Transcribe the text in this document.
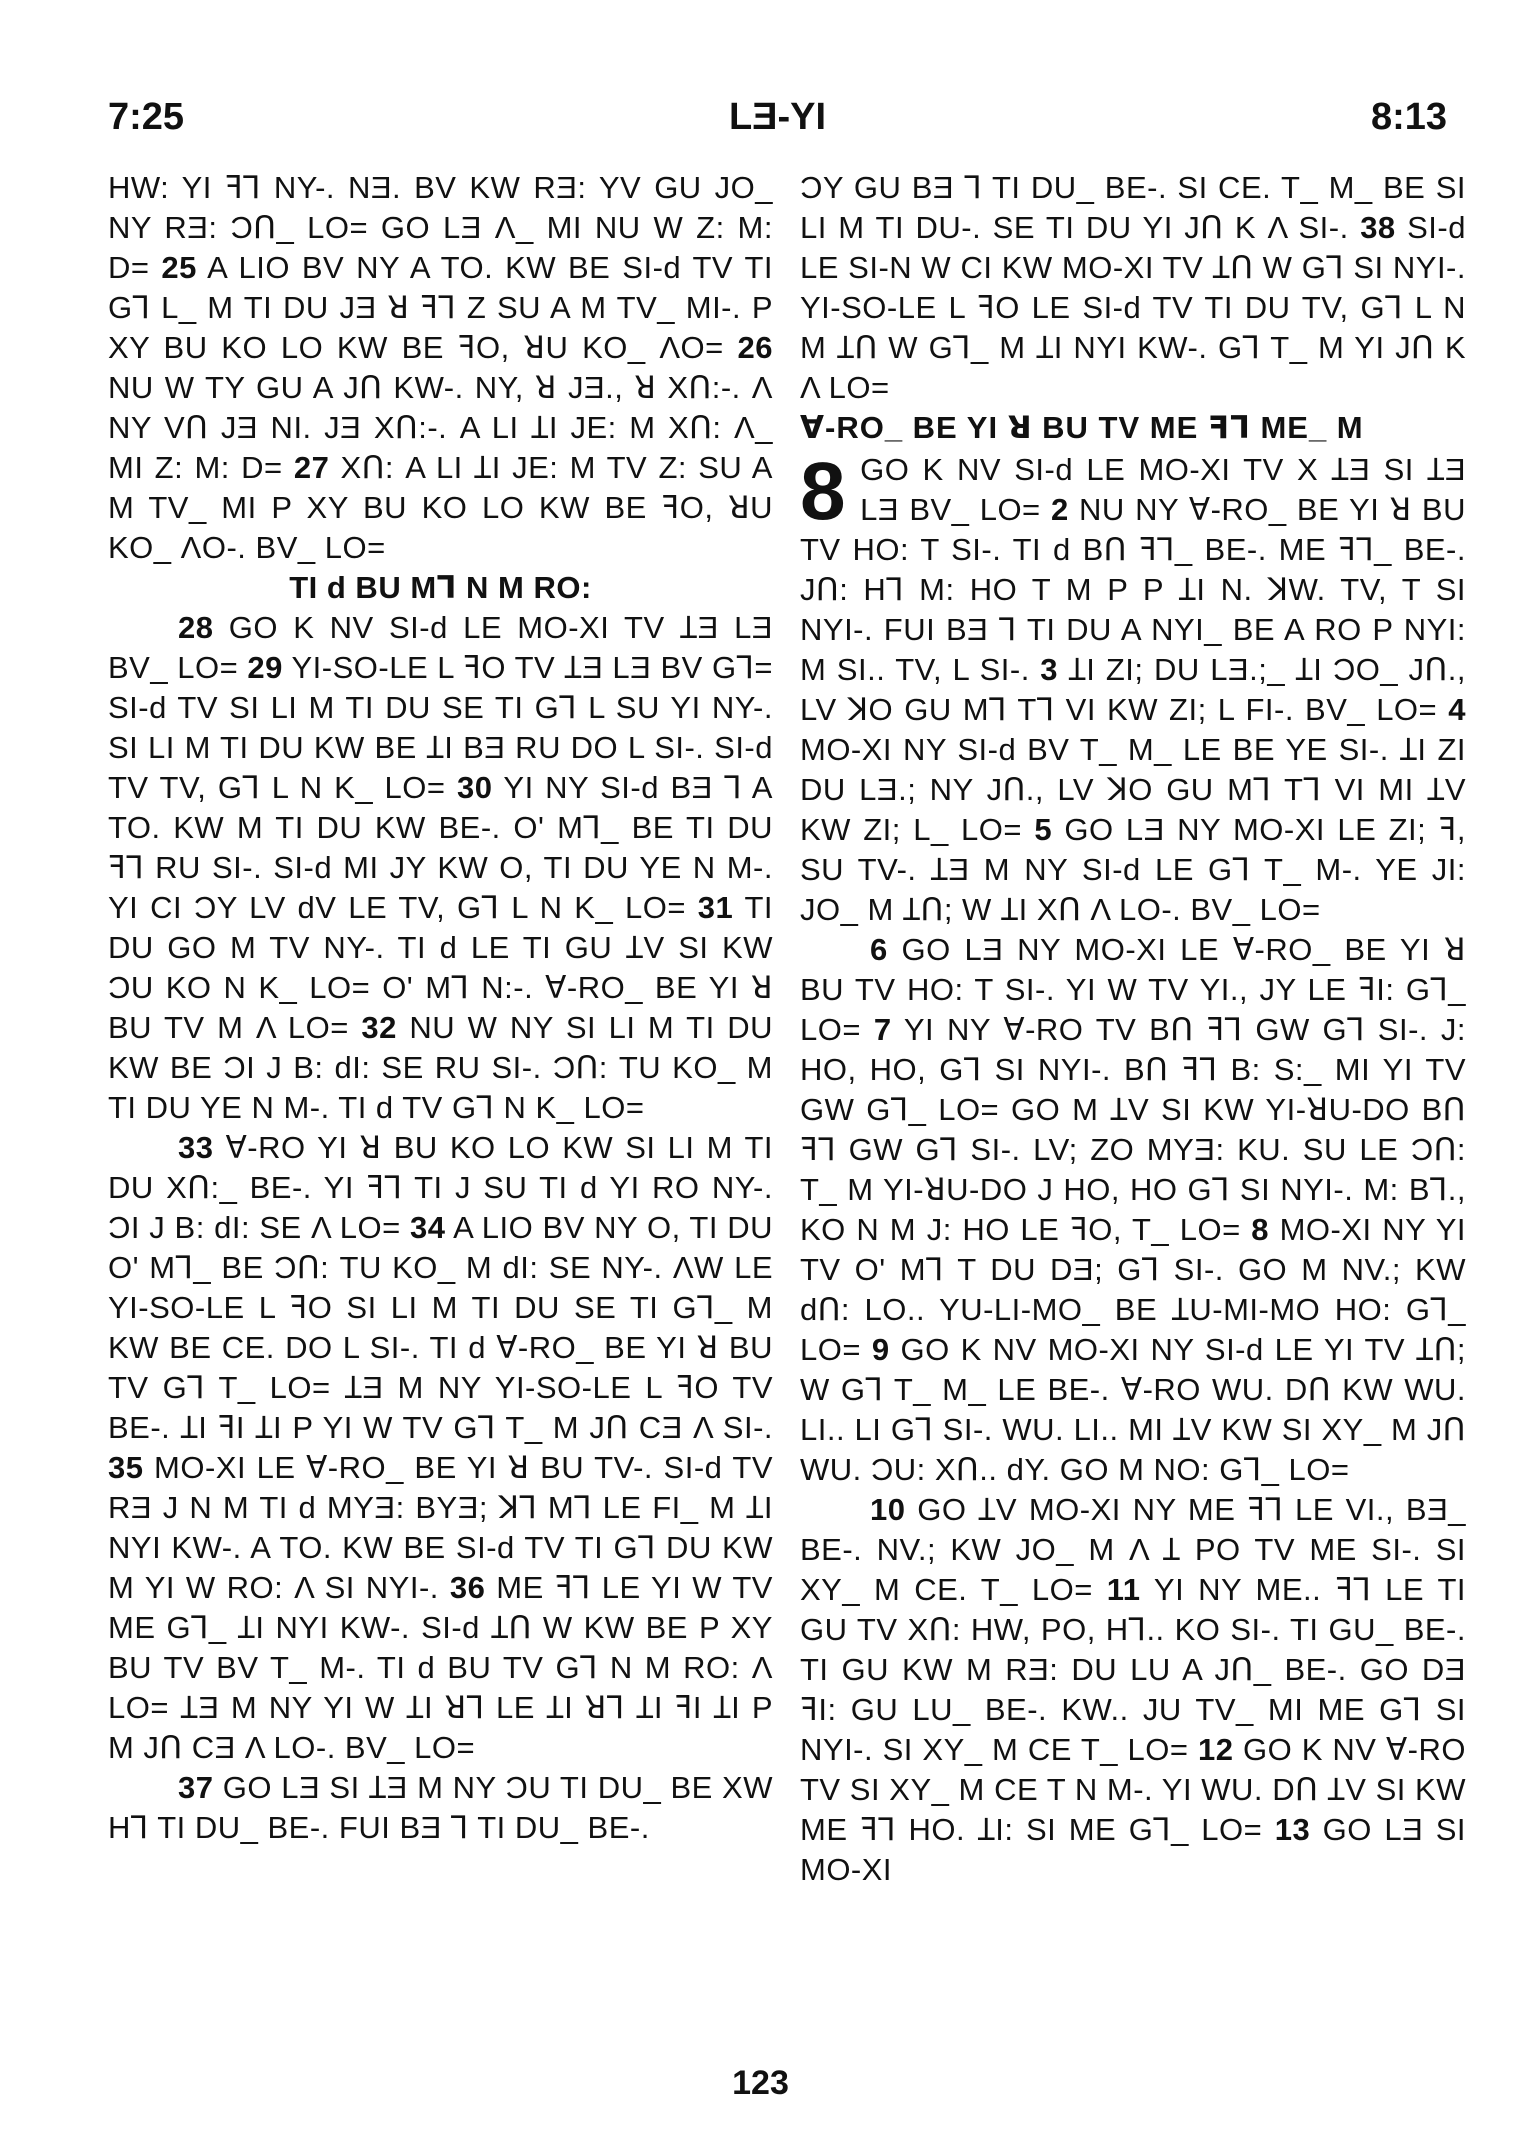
7:25	LƎ-YI	8:13

HW: YI ꟻꞀ NY-. NƎ. BV KW RƎ: YV GU JO_ NY RƎ: ƆՈ_ LO= GO LƎ Λ_ MI NU W Z: M: D= 25 A LIO BV NY A TO. KW BE SI-d TV TI GꞀ L_ M TI DU JƎ ꓤ ꟻꞀ Z SU A M TV_ MI-. P XY BU KO LO KW BE ꟻO, ꓤU KO_ ΛO= 26 NU W TY GU A JՈ KW-. NY, ꓤ JƎ., ꓤ XՈ:-. Λ NY VՈ JƎ NI. JƎ XՈ:-. A LI ꞱI JE: M XՈ: Λ_ MI Z: M: D= 27 XՈ: A LI ꞱI JE: M TV Z: SU A M TV_ MI P XY BU KO LO KW BE ꟻO, ꓤU KO_ ΛO-. BV_ LO=

TI d BU MꞀ N M RO:

28 GO K NV SI-d LE MO-XI TV ꞱƎ LƎ BV_ LO= 29 YI-SO-LE L ꟻO TV ꞱƎ LƎ BV GꞀ= SI-d TV SI LI M TI DU SE TI GꞀ L SU YI NY-. SI LI M TI DU KW BE ꞱI BƎ RU DO L SI-. SI-d TV TV, GꞀ L N K_ LO= 30 YI NY SI-d BƎ Ꞁ A TO. KW M TI DU KW BE-. O' MꞀ_ BE TI DU ꟻꞀ RU SI-. SI-d MI JY KW O, TI DU YE N M-. YI CI ƆY LV dV LE TV, GꞀ L N K_ LO= 31 TI DU GO M TV NY-. TI d LE TI GU ꞱV SI KW ƆU KO N K_ LO= O' MꞀ N:-. Ɐ-RO_ BE YI ꓤ BU TV M Λ LO= 32 NU W NY SI LI M TI DU KW BE ƆI J B: dI: SE RU SI-. ƆՈ: TU KO_ M TI DU YE N M-. TI d TV GꞀ N K_ LO=

33 Ɐ-RO YI ꓤ BU KO LO KW SI LI M TI DU XՈ:_ BE-. YI ꟻꞀ TI J SU TI d YI RO NY-. ƆI J B: dI: SE Λ LO= 34 A LIO BV NY O, TI DU O' MꞀ_ BE ƆՈ: TU KO_ M dI: SE NY-. ΛW LE YI-SO-LE L ꟻO SI LI M TI DU SE TI GꞀ_ M KW BE CE. DO L SI-. TI d Ɐ-RO_ BE YI ꓤ BU TV GꞀ T_ LO= ꞱƎ M NY YI-SO-LE L ꟻO TV BE-. ꞱI ꟻI ꞱI P YI W TV GꞀ T_ M JՈ CƎ Λ SI-. 35 MO-XI LE Ɐ-RO_ BE YI ꓤ BU TV-. SI-d TV RƎ J N M TI d MYƎ: BYƎ; ꓘꞀ MꞀ LE FI_ M ꞱI NYI KW-. A TO. KW BE SI-d TV TI GꞀ DU KW M YI W RO: Λ SI NYI-. 36 ME ꟻꞀ LE YI W TV ME GꞀ_ ꞱI NYI KW-. SI-d ꞱՈ W KW BE P XY BU TV BV T_ M-. TI d BU TV GꞀ N M RO: Λ LO= ꞱƎ M NY YI W ꞱI ꓤꞀ LE ꞱI ꓤꞀ ꞱI ꟻI ꞱI P M JՈ CƎ Λ LO-. BV_ LO=

37 GO LƎ SI ꞱƎ M NY ƆU TI DU_ BE XW HꞀ TI DU_ BE-. FUI BƎ Ꞁ TI DU_ BE-.

ƆY GU BƎ Ꞁ TI DU_ BE-. SI CE. T_ M_ BE SI LI M TI DU-. SE TI DU YI JՈ K Λ SI-. 38 SI-d LE SI-N W CI KW MO-XI TV ꞱՈ W GꞀ SI NYI-. YI-SO-LE L ꟻO LE SI-d TV TI DU TV, GꞀ L N M ꞱՈ W GꞀ_ M ꞱI NYI KW-. GꞀ T_ M YI JՈ K Λ LO=

Ɐ-RO_ BE YI ꓤ BU TV ME ꟻꞀ ME_ M

8 GO K NV SI-d LE MO-XI TV X ꞱƎ SI ꞱƎ LƎ BV_ LO= 2 NU NY Ɐ-RO_ BE YI ꓤ BU TV HO: T SI-. TI d BՈ ꟻꞀ_ BE-. ME ꟻꞀ_ BE-. JՈ: HꞀ M: HO T M P P ꞱI N. ꓘW. TV, T SI NYI-. FUI BƎ Ꞁ TI DU A NYI_ BE A RO P NYI: M SI.. TV, L SI-. 3 ꞱI ZI; DU LƎ.;_ ꞱI ƆO_ JՈ., LV ꓘO GU MꞀ TꞀ VI KW ZI; L FI-. BV_ LO= 4 MO-XI NY SI-d BV T_ M_ LE BE YE SI-. ꞱI ZI DU LƎ.; NY JՈ., LV ꓘO GU MꞀ TꞀ VI MI ꞱV KW ZI; L_ LO= 5 GO LƎ NY MO-XI LE ZI; ꟻ, SU TV-. ꞱƎ M NY SI-d LE GꞀ T_ M-. YE JI: JO_ M ꞱՈ; W ꞱI XՈ Λ LO-. BV_ LO=

6 GO LƎ NY MO-XI LE Ɐ-RO_ BE YI ꓤ BU TV HO: T SI-. YI W TV YI., JY LE ꟻI: GꞀ_ LO= 7 YI NY Ɐ-RO TV BՈ ꟻꞀ GW GꞀ SI-. J: HO, HO, GꞀ SI NYI-. BՈ ꟻꞀ B: S:_ MI YI TV GW GꞀ_ LO= GO M ꞱV SI KW YI-ꓤU-DO BՈ ꟻꞀ GW GꞀ SI-. LV; ZO MYƎ: KU. SU LE ƆՈ: T_ M YI-ꓤU-DO J HO, HO GꞀ SI NYI-. M: BꞀ., KO N M J: HO LE ꟻO, T_ LO= 8 MO-XI NY YI TV O' MꞀ T DU DƎ; GꞀ SI-. GO M NV.; KW dՈ: LO.. YU-LI-MO_ BE ꞱU-MI-MO HO: GꞀ_ LO= 9 GO K NV MO-XI NY SI-d LE YI TV ꞱՈ; W GꞀ T_ M_ LE BE-. Ɐ-RO WU. DՈ KW WU. LI.. LI GꞀ SI-. WU. LI.. MI ꞱV KW SI XY_ M JՈ WU. ƆU: XՈ.. dY. GO M NO: GꞀ_ LO=

10 GO ꞱV MO-XI NY ME ꟻꞀ LE VI., BƎ_ BE-. NV.; KW JO_ M Λ Ʇ PO TV ME SI-. SI XY_ M CE. T_ LO= 11 YI NY ME.. ꟻꞀ LE TI GU TV XՈ: HW, PO, HꞀ.. KO SI-. TI GU_ BE-. TI GU KW M RƎ: DU LU A JՈ_ BE-. GO DƎ ꟻI: GU LU_ BE-. KW.. JU TV_ MI ME GꞀ SI NYI-. SI XY_ M CE T_ LO= 12 GO K NV Ɐ-RO TV SI XY_ M CE T N M-. YI WU. DՈ ꞱV SI KW ME ꟻꞀ HO. ꞱI: SI ME GꞀ_ LO= 13 GO LƎ SI MO-XI

123
